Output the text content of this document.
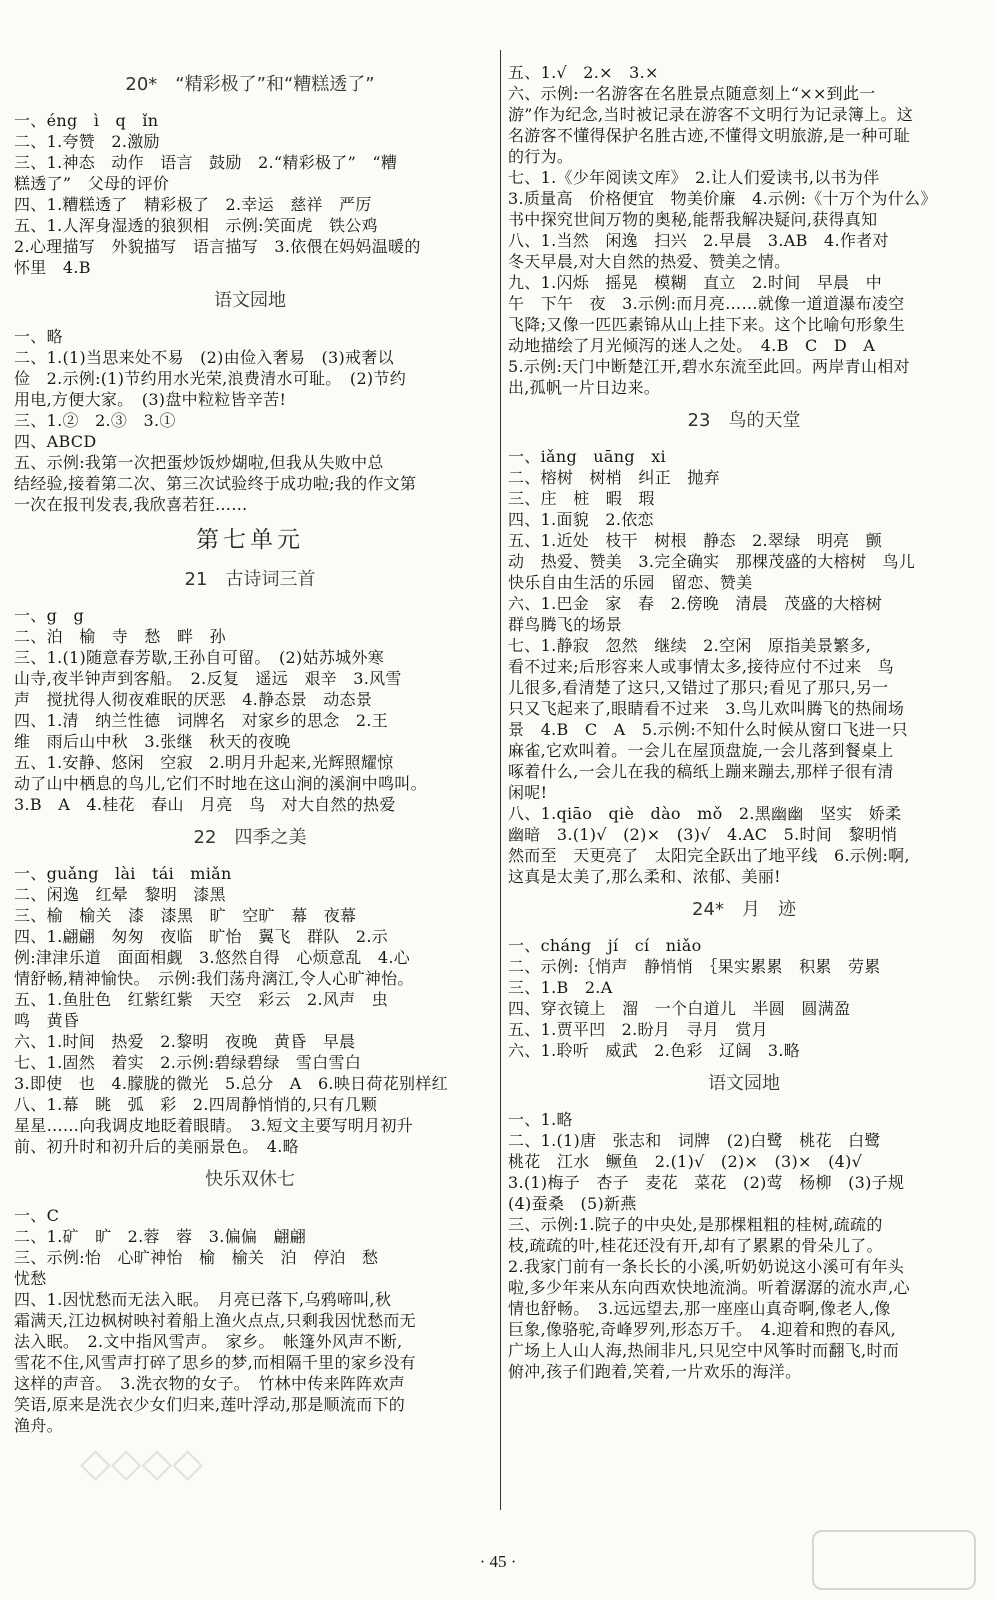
20*　“精彩极了”和“糟糕透了”
一、éng　ì　q　ǐn
二、1.夸赞　2.激励
三、1.神态　动作　语言　鼓励　2.“精彩极了”　“糟
糕透了”　父母的评价
四、1.糟糕透了　精彩极了　2.幸运　慈祥　严厉
五、1.人浑身湿透的狼狈相　示例:笑面虎　铁公鸡
2.心理描写　外貌描写　语言描写　3.依偎在妈妈温暖的
怀里　4.B
语文园地
一、略
二、1.(1)当思来处不易　(2)由俭入奢易　(3)戒奢以
俭　2.示例:(1)节约用水光荣,浪费清水可耻。　(2)节约
用电,方便大家。　(3)盘中粒粒皆辛苦!
三、1.②　2.③　3.①
四、ABCD
五、示例:我第一次把蛋炒饭炒煳啦,但我从失败中总
结经验,接着第二次、第三次试验终于成功啦;我的作文第
一次在报刊发表,我欣喜若狂……
第七单元
21　古诗词三首
一、g　g
二、泊　榆　寺　愁　畔　孙
三、1.(1)随意春芳歇,王孙自可留。　(2)姑苏城外寒
山寺,夜半钟声到客船。　2.反复　遥远　艰辛　3.风雪
声　搅扰得人彻夜难眠的厌恶　4.静态景　动态景
四、1.清　纳兰性德　词牌名　对家乡的思念　2.王
维　雨后山中秋　3.张继　秋天的夜晚
五、1.安静、悠闲　空寂　2.明月升起来,光辉照耀惊
动了山中栖息的鸟儿,它们不时地在这山涧的溪涧中鸣叫。
3.B　A　4.桂花　春山　月亮　鸟　对大自然的热爱
22　四季之美
一、guǎng　lài　tái　miǎn
二、闲逸　红晕　黎明　漆黑
三、榆　榆关　漆　漆黑　旷　空旷　幕　夜幕
四、1.翩翩　匆匆　夜临　旷怡　翼飞　群队　2.示
例:津津乐道　面面相觑　3.悠然自得　心烦意乱　4.心
情舒畅,精神愉快。　示例:我们荡舟漓江,令人心旷神怡。
五、1.鱼肚色　红紫红紫　天空　彩云　2.风声　虫
鸣　黄昏
六、1.时间　热爱　2.黎明　夜晚　黄昏　早晨
七、1.固然　着实　2.示例:碧绿碧绿　雪白雪白
3.即使　也　4.朦胧的微光　5.总分　A　6.映日荷花别样红
八、1.幕　眺　弧　彩　2.四周静悄悄的,只有几颗
星星……向我调皮地眨着眼睛。　3.短文主要写明月初升
前、初升时和初升后的美丽景色。　4.略
快乐双休七
一、C
二、1.矿　旷　2.蓉　蓉　3.偏偏　翩翩
三、示例:怡　心旷神怡　榆　榆关　泊　停泊　愁
忧愁
四、1.因忧愁而无法入眠。　月亮已落下,乌鸦啼叫,秋
霜满天,江边枫树映衬着船上渔火点点,只剩我因忧愁而无
法入眠。　2.文中指风雪声。　家乡。　帐篷外风声不断,
雪花不住,风雪声打碎了思乡的梦,而相隔千里的家乡没有
这样的声音。　3.洗衣物的女子。　竹林中传来阵阵欢声
笑语,原来是洗衣少女们归来,莲叶浮动,那是顺流而下的
渔舟。
五、1.√　2.×　3.×
六、示例:一名游客在名胜景点随意刻上“××到此一
游”作为纪念,当时被记录在游客不文明行为记录簿上。这
名游客不懂得保护名胜古迹,不懂得文明旅游,是一种可耻
的行为。
七、1.《少年阅读文库》　2.让人们爱读书,以书为伴
3.质量高　价格便宜　物美价廉　4.示例:《十万个为什么》
书中探究世间万物的奥秘,能帮我解决疑问,获得真知
八、1.当然　闲逸　扫兴　2.早晨　3.AB　4.作者对
冬天早晨,对大自然的热爱、赞美之情。
九、1.闪烁　摇晃　模糊　直立　2.时间　早晨　中
午　下午　夜　3.示例:而月亮……就像一道道瀑布凌空
飞降;又像一匹匹素锦从山上挂下来。这个比喻句形象生
动地描绘了月光倾泻的迷人之处。　4.B　C　D　A
5.示例:天门中断楚江开,碧水东流至此回。两岸青山相对
出,孤帆一片日边来。
23　鸟的天堂
一、iǎng　uāng　xi
二、榕树　树梢　纠正　抛弃
三、庄　桩　暇　瑕
四、1.面貌　2.依恋
五、1.近处　枝干　树根　静态　2.翠绿　明亮　颤
动　热爱、赞美　3.完全确实　那棵茂盛的大榕树　鸟儿
快乐自由生活的乐园　留恋、赞美
六、1.巴金　家　春　2.傍晚　清晨　茂盛的大榕树
群鸟腾飞的场景
七、1.静寂　忽然　继续　2.空闲　原指美景繁多,
看不过来;后形容来人或事情太多,接待应付不过来　鸟
儿很多,看清楚了这只,又错过了那只;看见了那只,另一
只又飞起来了,眼睛看不过来　3.鸟儿欢叫腾飞的热闹场
景　4.B　C　A　5.示例:不知什么时候从窗口飞进一只
麻雀,它欢叫着。一会儿在屋顶盘旋,一会儿落到餐桌上
啄着什么,一会儿在我的稿纸上蹦来蹦去,那样子很有清
闲呢!
八、1.qiāo　qiè　dào　mǒ　2.黑幽幽　坚实　娇柔
幽暗　3.(1)√　(2)×　(3)√　4.AC　5.时间　黎明悄
然而至　天更亮了　太阳完全跃出了地平线　6.示例:啊,
这真是太美了,那么柔和、浓郁、美丽!
24*　月　迹
一、cháng　jí　cí　niǎo
二、示例:｛悄声　静悄悄　｛果实累累　积累　劳累
三、1.B　2.A
四、穿衣镜上　溜　一个白道儿　半圆　圆满盈
五、1.贾平凹　2.盼月　寻月　赏月
六、1.聆听　威武　2.色彩　辽阔　3.略
语文园地
一、1.略
二、1.(1)唐　张志和　词牌　(2)白鹭　桃花　白鹭
桃花　江水　鳜鱼　2.(1)√　(2)×　(3)×　(4)√
3.(1)梅子　杏子　麦花　菜花　(2)莺　杨柳　(3)子规
(4)蚕桑　(5)新燕
三、示例:1.院子的中央处,是那棵粗粗的桂树,疏疏的
枝,疏疏的叶,桂花还没有开,却有了累累的骨朵儿了。
2.我家门前有一条长长的小溪,听奶奶说这小溪可有年头
啦,多少年来从东向西欢快地流淌。听着潺潺的流水声,心
情也舒畅。　3.远远望去,那一座座山真奇啊,像老人,像
巨象,像骆驼,奇峰罗列,形态万千。　4.迎着和煦的春风,
广场上人山人海,热闹非凡,只见空中风筝时而翻飞,时而
俯冲,孩子们跑着,笑着,一片欢乐的海洋。
· 45 ·
◇◇◇◇
